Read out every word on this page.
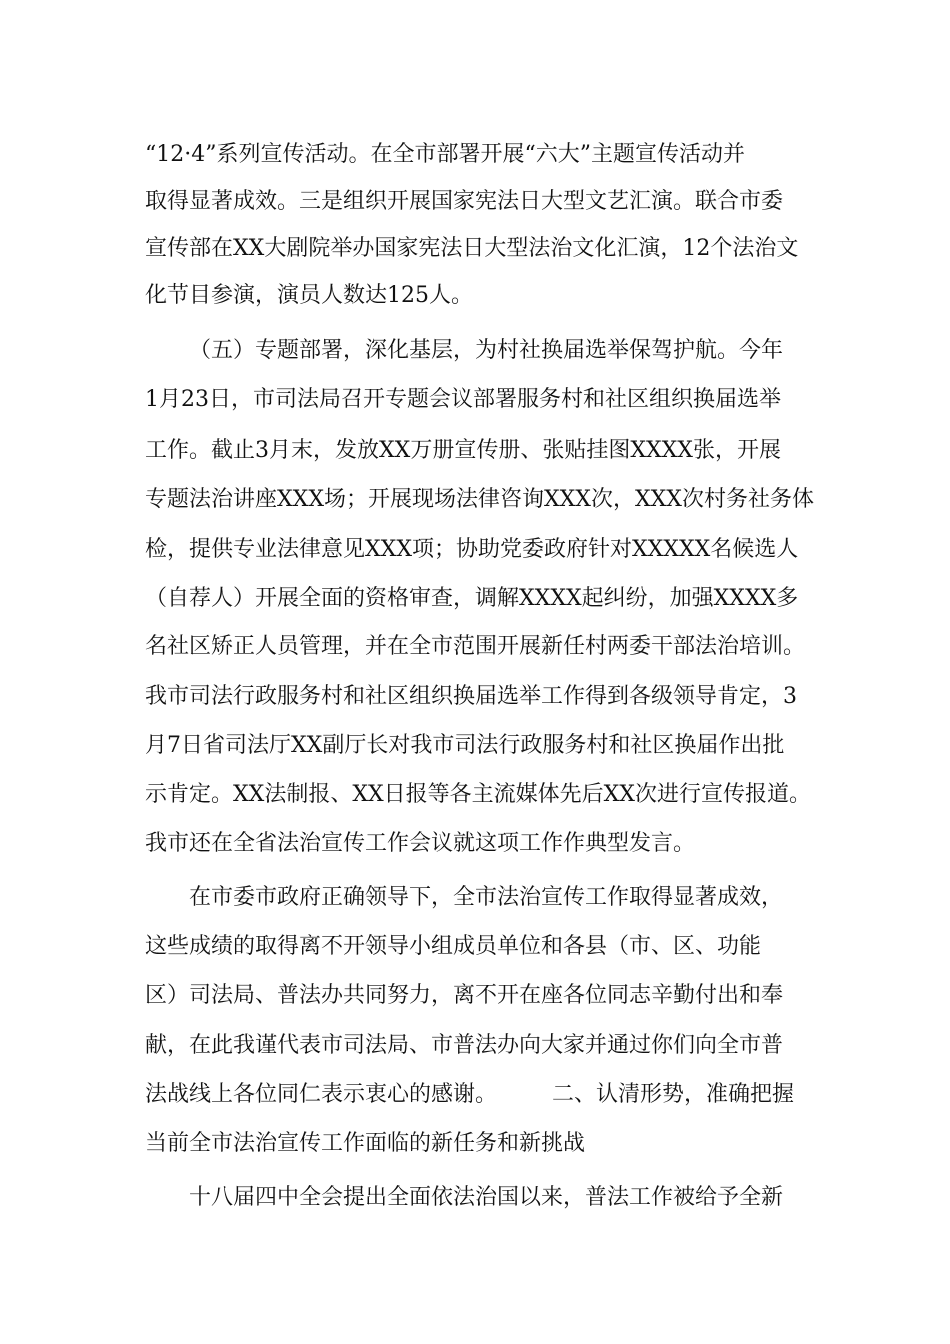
“12·4”系列宣传活动。在全市部署开展“六大”主题宣传活动并
取得显著成效。三是组织开展国家宪法日大型文艺汇演。联合市委
宣传部在XX大剧院举办国家宪法日大型法治文化汇演，12个法治文
化节目参演，演员人数达125人。
（五）专题部署，深化基层，为村社换届选举保驾护航。今年
1月23日，市司法局召开专题会议部署服务村和社区组织换届选举
工作。截止3月末，发放XX万册宣传册、张贴挂图XXXX张，开展
专题法治讲座XXX场；开展现场法律咨询XXX次，XXX次村务社务体
检，提供专业法律意见XXX项；协助党委政府针对XXXXX名候选人
（自荐人）开展全面的资格审查，调解XXXX起纠纷，加强XXXX多
名社区矫正人员管理，并在全市范围开展新任村两委干部法治培训。
我市司法行政服务村和社区组织换届选举工作得到各级领导肯定，3
月7日省司法厅XX副厅长对我市司法行政服务村和社区换届作出批
示肯定。XX法制报、XX日报等各主流媒体先后XX次进行宣传报道。
我市还在全省法治宣传工作会议就这项工作作典型发言。
在市委市政府正确领导下，全市法治宣传工作取得显著成效，
这些成绩的取得离不开领导小组成员单位和各县（市、区、功能
区）司法局、普法办共同努力，离不开在座各位同志辛勤付出和奉
献，在此我谨代表市司法局、市普法办向大家并通过你们向全市普
法战线上各位同仁表示衷心的感谢。　　　二、认清形势，准确把握
当前全市法治宣传工作面临的新任务和新挑战
十八届四中全会提出全面依法治国以来，普法工作被给予全新
